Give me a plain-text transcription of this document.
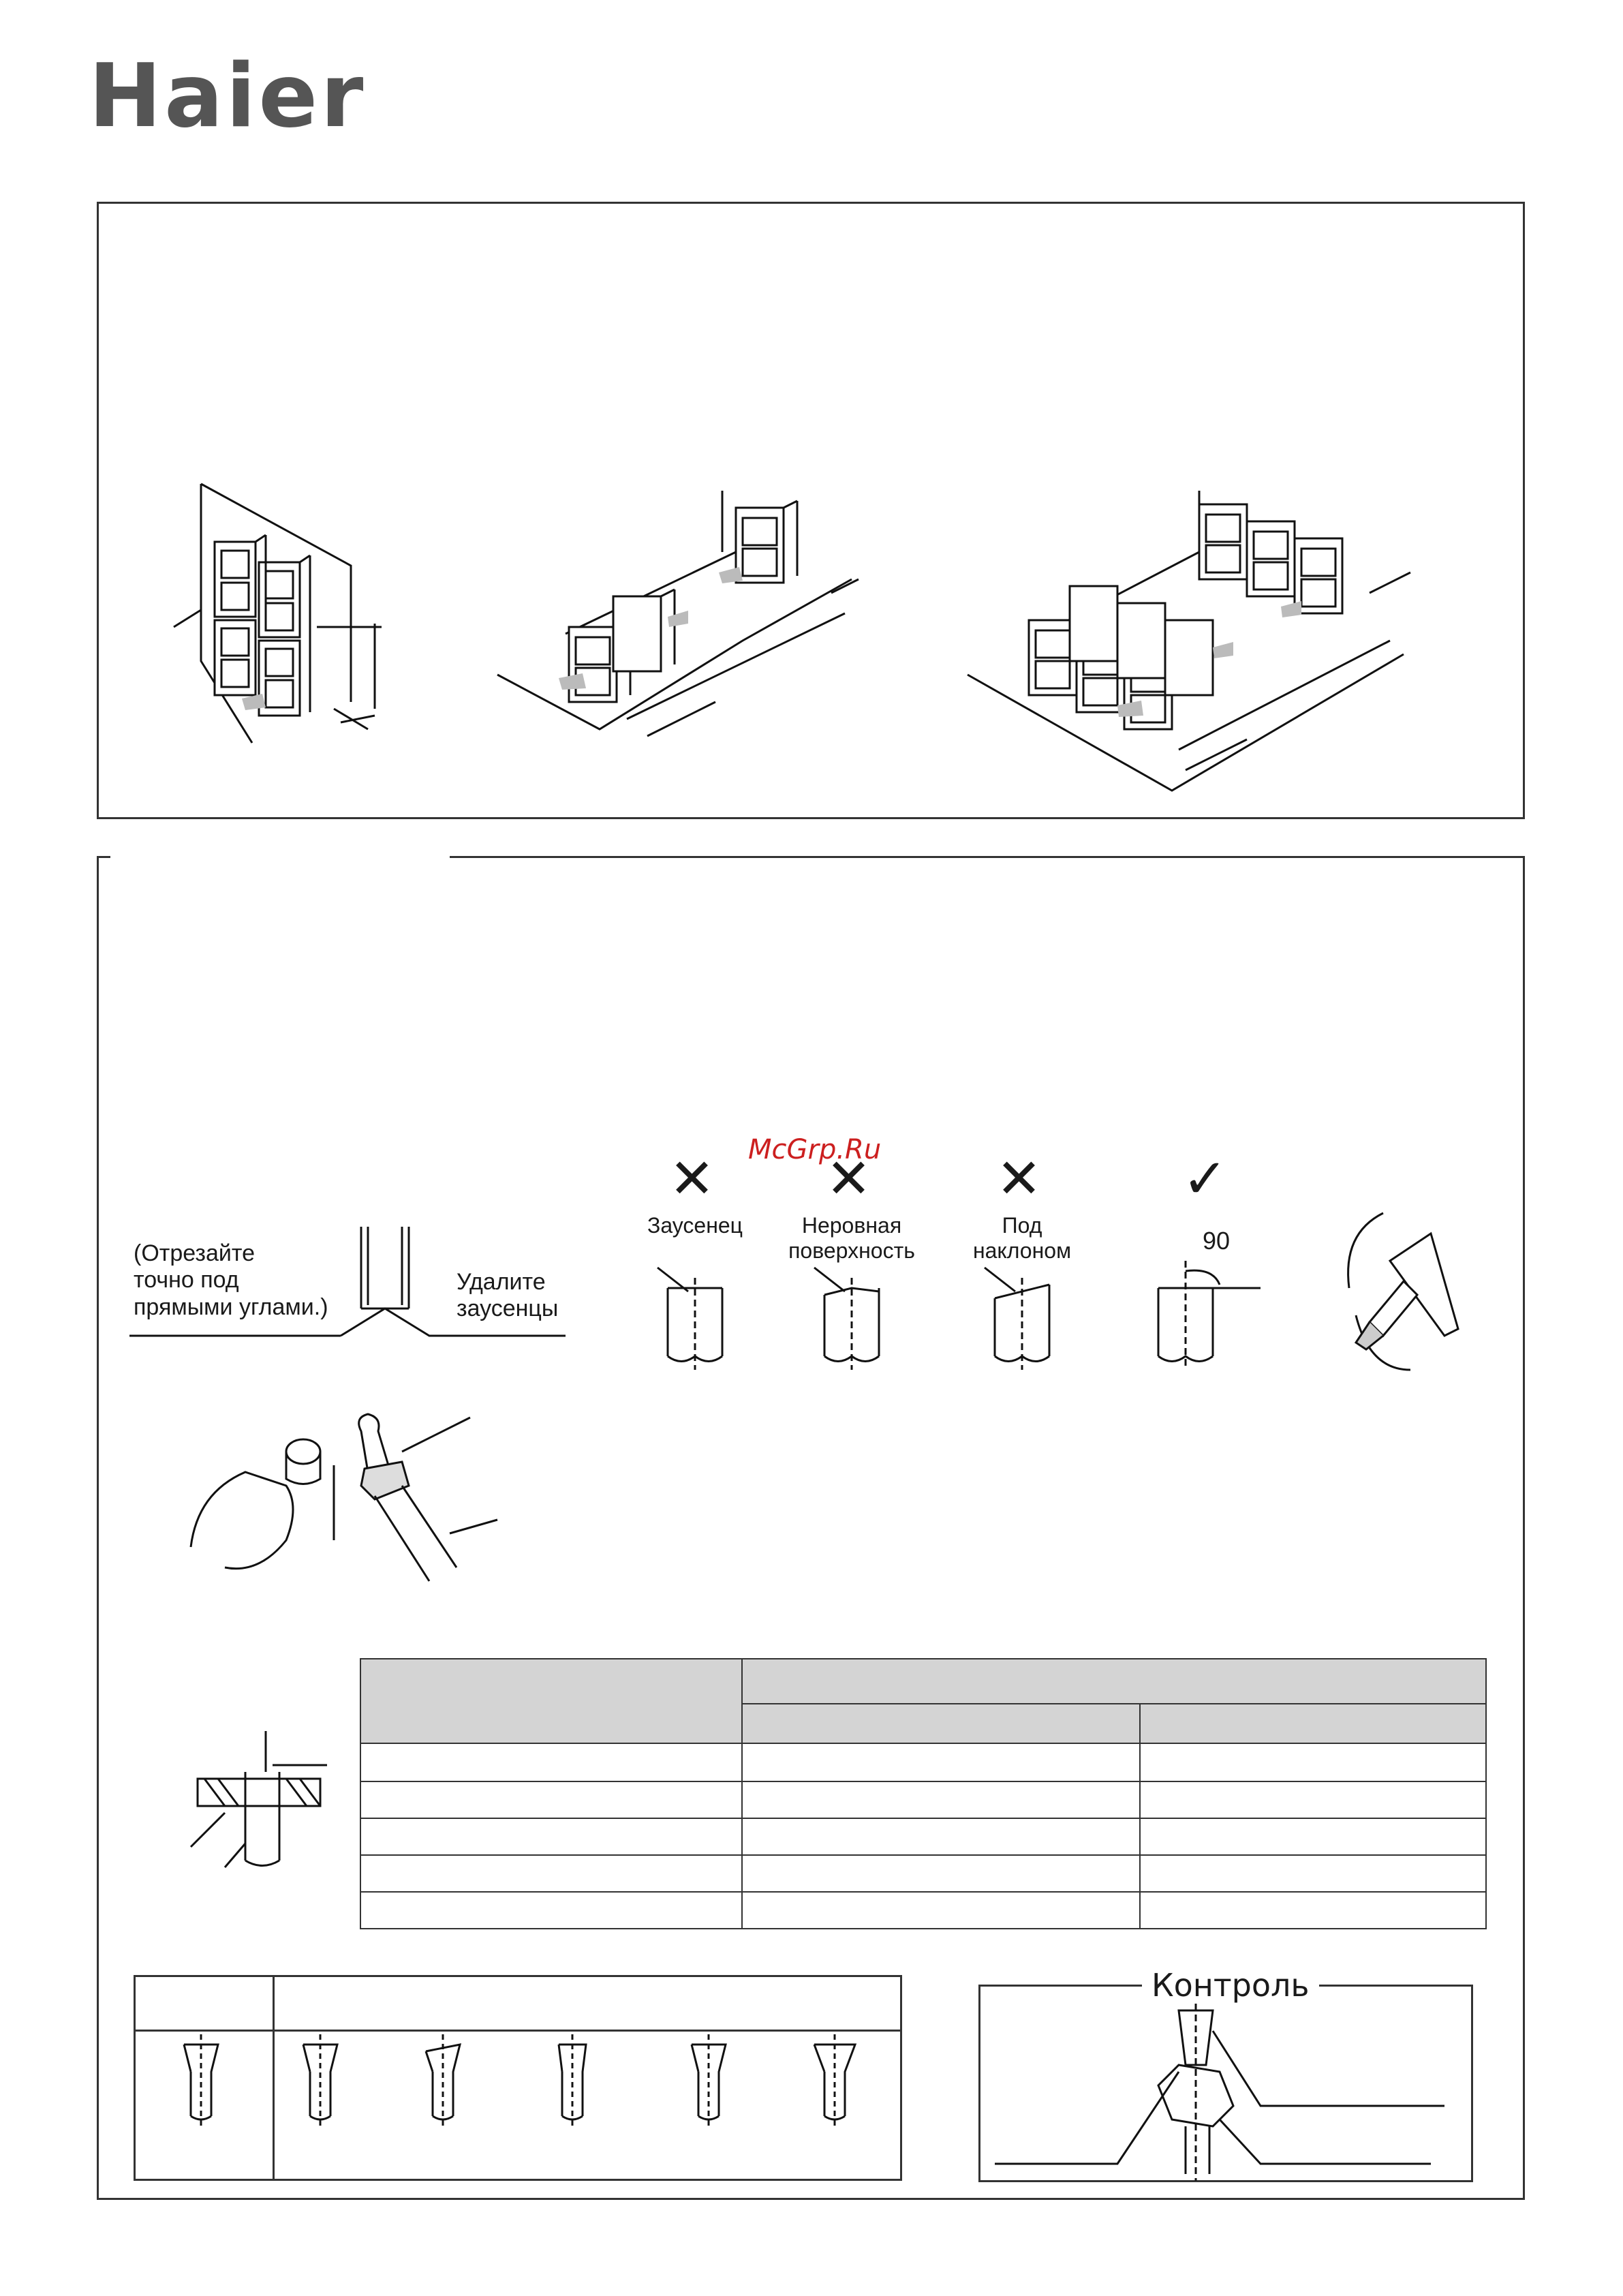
Haier
McGrp.Ru
(Отрезайте
точно под
прямыми углами.)
Удалите
заусенцы
✕
Заусенец
✕
Неровная
поверхность
✕
Под
наклоном
✓
90

Контроль
